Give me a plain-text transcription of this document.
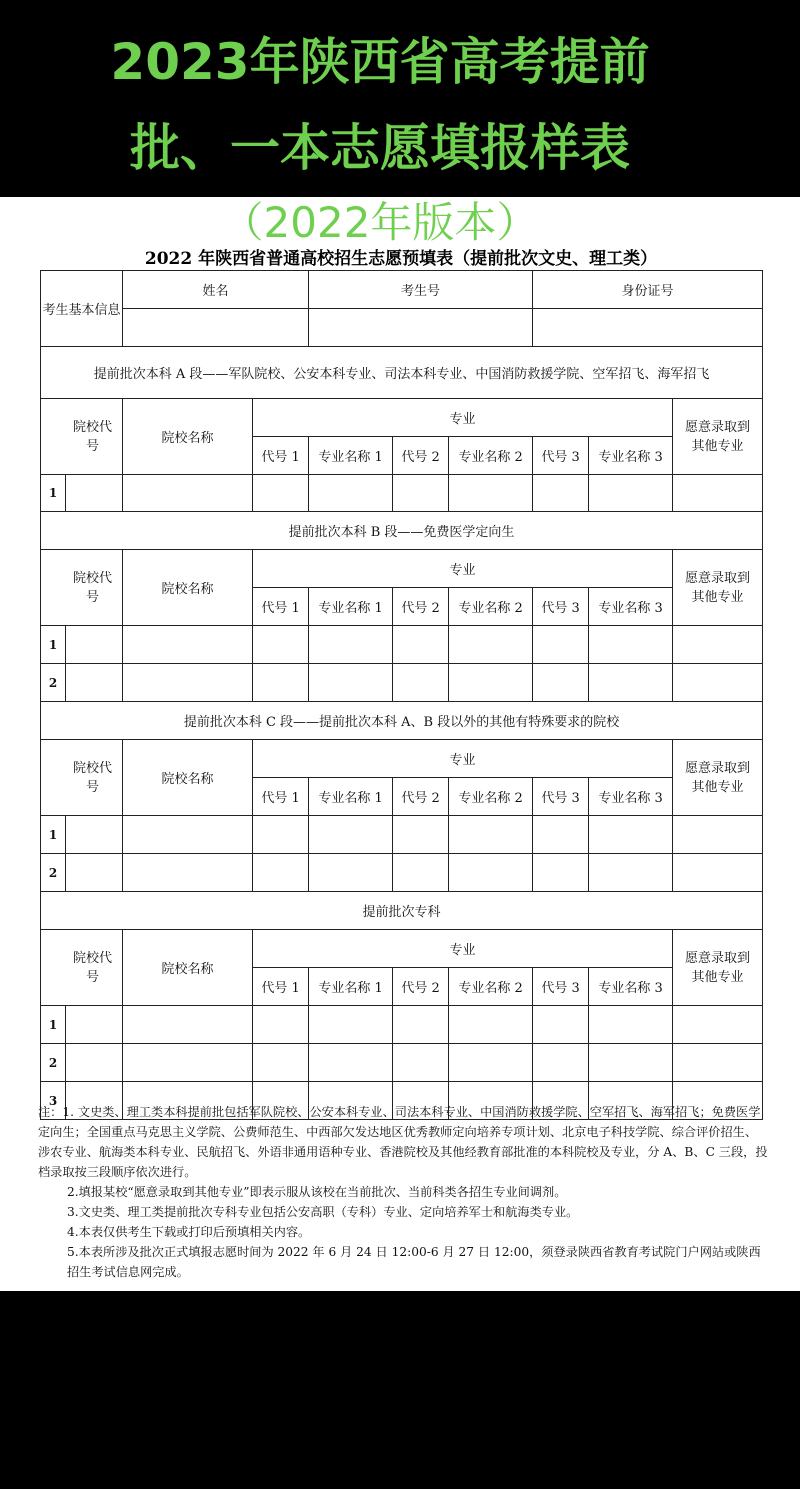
2023年陕西省高考提前
批、一本志愿填报样表
（2022年版本）
2022 年陕西省普通高校招生志愿预填表（提前批次文史、理工类）
考生基本信息		姓名		考生号			身份证号		

提前批次本科 A 段——军队院校、公安本科专业、司法本科专业、中国消防救援学院、空军招飞、海军招飞									
院校代号		院校名称	专业						愿意录取到其他专业
			代号 1	专业名称 1	代号 2	专业名称 2	代号 3	专业名称 3	
1									
提前批次本科 B 段——免费医学定向生									
院校代号		院校名称	专业						愿意录取到其他专业
			代号 1	专业名称 1	代号 2	专业名称 2	代号 3	专业名称 3	
1									
2									
提前批次本科 C 段——提前批次本科 A、B 段以外的其他有特殊要求的院校									
院校代号		院校名称	专业						愿意录取到其他专业
			代号 1	专业名称 1	代号 2	专业名称 2	代号 3	专业名称 3	
1									
2									
提前批次专科									
院校代号		院校名称	专业						愿意录取到其他专业
			代号 1	专业名称 1	代号 2	专业名称 2	代号 3	专业名称 3	
1									
2									
3									

注：1. 文史类、理工类本科提前批包括军队院校、公安本科专业、司法本科专业、中国消防救援学院、空军招飞、海军招飞；免费医学定向生；全国重点马克思主义学院、公费师范生、中西部欠发达地区优秀教师定向培养专项计划、北京电子科技学院、综合评价招生、涉农专业、航海类本科专业、民航招飞、外语非通用语种专业、香港院校及其他经教育部批准的本科院校及专业，分 A、B、C 三段，投档录取按三段顺序依次进行。

2.填报某校“愿意录取到其他专业”即表示服从该校在当前批次、当前科类各招生专业间调剂。

3.文史类、理工类提前批次专科专业包括公安高职（专科）专业、定向培养军士和航海类专业。

4.本表仅供考生下载或打印后预填相关内容。

5.本表所涉及批次正式填报志愿时间为 2022 年 6 月 24 日 12:00-6 月 27 日 12:00，须登录陕西省教育考试院门户网站或陕西招生考试信息网完成。
